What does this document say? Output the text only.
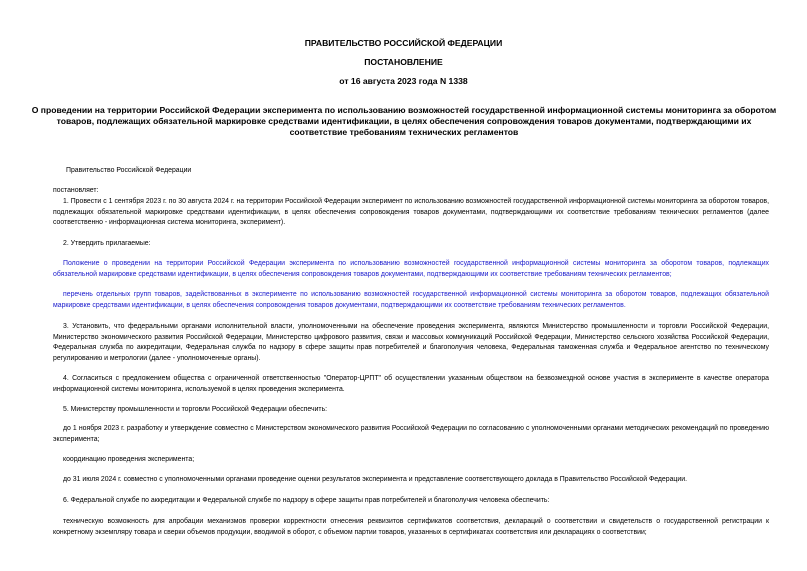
ПРАВИТЕЛЬСТВО РОССИЙСКОЙ ФЕДЕРАЦИИ
ПОСТАНОВЛЕНИЕ
от 16 августа 2023 года N 1338
О проведении на территории Российской Федерации эксперимента по использованию возможностей государственной информационной системы мониторинга за оборотом товаров, подлежащих обязательной маркировке средствами идентификации, в целях обеспечения сопровождения товаров документами, подтверждающими их соответствие требованиям технических регламентов
Правительство Российской Федерации
постановляет:
1. Провести с 1 сентября 2023 г. по 30 августа 2024 г. на территории Российской Федерации эксперимент по использованию возможностей государственной информационной системы мониторинга за оборотом товаров, подлежащих обязательной маркировке средствами идентификации, в целях обеспечения сопровождения товаров документами, подтверждающими их соответствие требованиям технических регламентов (далее соответственно - информационная система мониторинга, эксперимент).
2. Утвердить прилагаемые:
Положение о проведении на территории Российской Федерации эксперимента по использованию возможностей государственной информационной системы мониторинга за оборотом товаров, подлежащих обязательной маркировке средствами идентификации, в целях обеспечения сопровождения товаров документами, подтверждающими их соответствие требованиям технических регламентов;
перечень отдельных групп товаров, задействованных в эксперименте по использованию возможностей государственной информационной системы мониторинга за оборотом товаров, подлежащих обязательной маркировке средствами идентификации, в целях обеспечения сопровождения товаров документами, подтверждающими их соответствие требованиям технических регламентов.
3. Установить, что федеральными органами исполнительной власти, уполномоченными на обеспечение проведения эксперимента, являются Министерство промышленности и торговли Российской Федерации, Министерство экономического развития Российской Федерации, Министерство цифрового развития, связи и массовых коммуникаций Российской Федерации, Министерство сельского хозяйства Российской Федерации, Федеральная служба по аккредитации, Федеральная служба по надзору в сфере защиты прав потребителей и благополучия человека, Федеральная таможенная служба и Федеральное агентство по техническому регулированию и метрологии (далее - уполномоченные органы).
4. Согласиться с предложением общества с ограниченной ответственностью "Оператор-ЦРПТ" об осуществлении указанным обществом на безвозмездной основе участия в эксперименте в качестве оператора информационной системы мониторинга, используемой в целях проведения эксперимента.
5. Министерству промышленности и торговли Российской Федерации обеспечить:
до 1 ноября 2023 г. разработку и утверждение совместно с Министерством экономического развития Российской Федерации по согласованию с уполномоченными органами методических рекомендаций по проведению эксперимента;
координацию проведения эксперимента;
до 31 июля 2024 г. совместно с уполномоченными органами проведение оценки результатов эксперимента и представление соответствующего доклада в Правительство Российской Федерации.
6. Федеральной службе по аккредитации и Федеральной службе по надзору в сфере защиты прав потребителей и благополучия человека обеспечить:
техническую возможность для апробации механизмов проверки корректности отнесения реквизитов сертификатов соответствия, деклараций о соответствии и свидетельств о государственной регистрации к конкретному экземпляру товара и сверки объемов продукции, вводимой в оборот, с объемом партии товаров, указанных в сертификатах соответствия или декларациях о соответствии;
